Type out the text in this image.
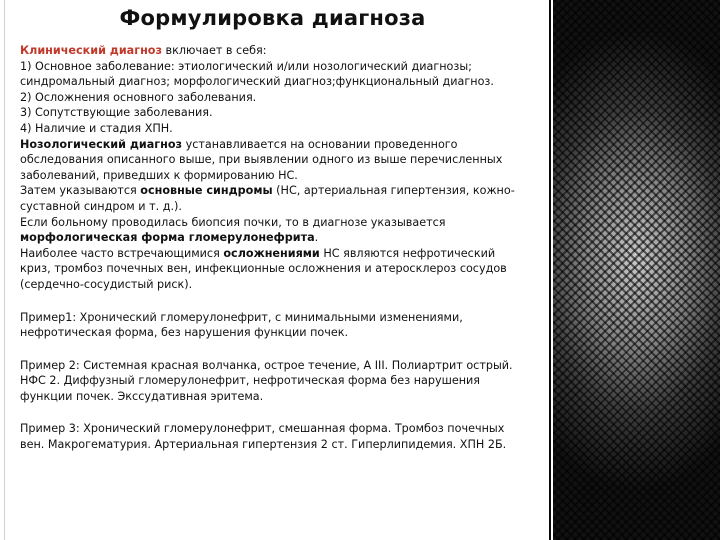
Формулировка диагноза

Клинический диагноз включает в себя:

1) Основное заболевание: этиологический и/или нозологический диагнозы; синдромальный диагноз; морфологический диагноз;функциональный диагноз.

2) Осложнения основного заболевания.

3) Сопутствующие заболевания.

4) Наличие и стадия ХПН.

Нозологический диагноз устанавливается на основании проведенного обследования описанного выше, при выявлении одного из выше перечисленных заболеваний, приведших к формированию НС.

Затем указываются основные синдромы (НС, артериальная гипертензия, кожно-суставной синдром и т. д.).

Если больному проводилась биопсия почки, то в диагнозе указывается морфологическая форма гломерулонефрита.

Наиболее часто встречающимися осложнениями НС являются нефротический криз, тромбоз почечных вен, инфекционные осложнения и атеросклероз сосудов (сердечно-сосудистый риск).

Пример1: Хронический гломерулонефрит, с минимальными изменениями, нефротическая форма, без нарушения функции почек.

Пример 2: Системная красная волчанка, острое течение, A III. Полиартрит острый. НФС 2. Диффузный гломерулонефрит, нефротическая форма без нарушения функции почек. Экссудативная эритема.

Пример 3: Хронический гломерулонефрит, смешанная форма. Тромбоз почечных вен. Макрогематурия. Артериальная гипертензия 2 ст. Гиперлипидемия. ХПН 2Б.
